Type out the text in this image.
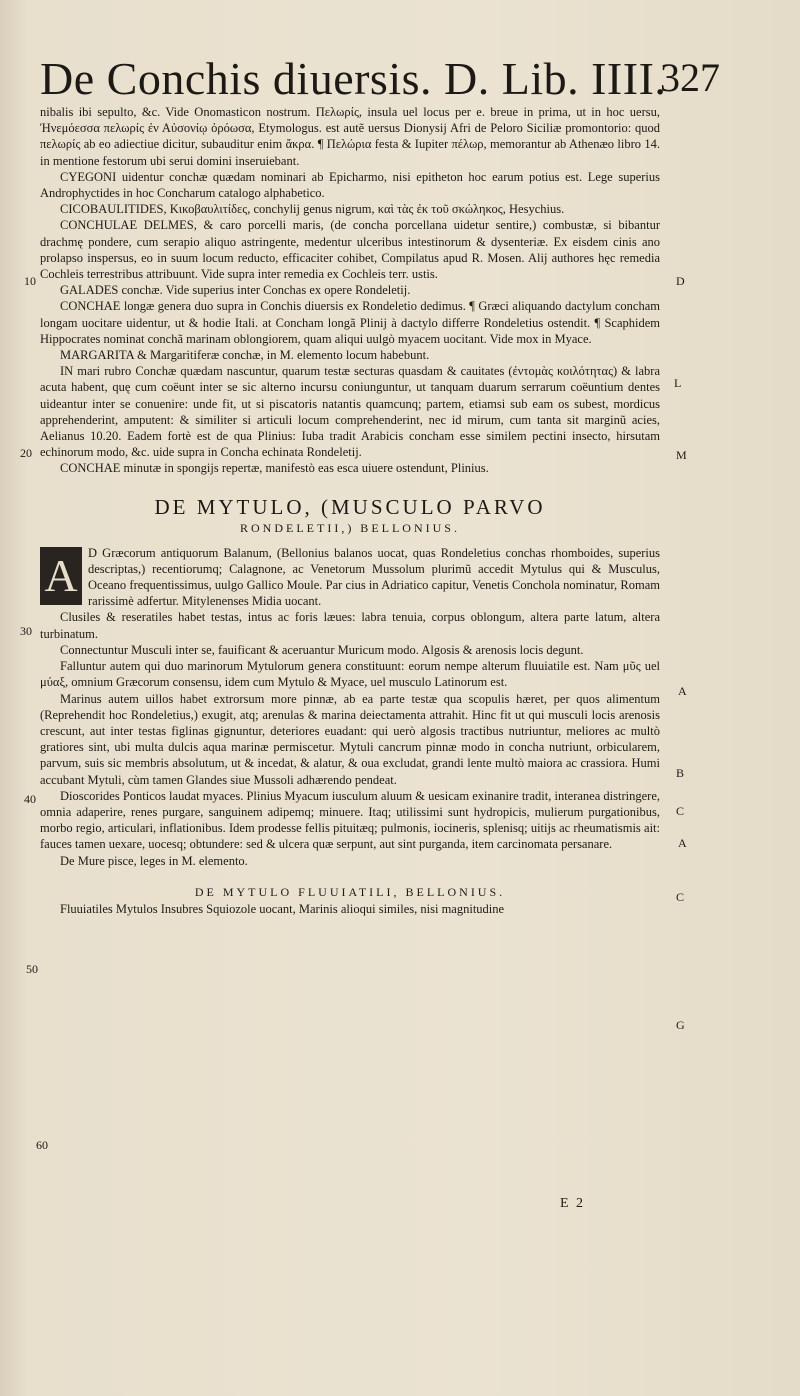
De Conchis diuersis. D. Lib. IIII.
327

nibalis ibi sepulto, &c. Vide Onomasticon nostrum. Πελωρίς, insula uel locus per e. breue in prima, ut in hoc uersu, Ἠνεμόεσσα πελωρίς ἐν Αὐσονίῳ ὀρόωσα, Etymologus. est autẽ uersus Dionysij Afri de Peloro Siciliæ promontorio: quod πελωρίς ab eo adiectiue dicitur, subauditur enim ἄκρα. ¶ Πελώρια festa & Iupiter πέλωρ, memorantur ab Athenæo libro 14. in mentione festorum ubi serui domini inseruiebant.

CYEGONI uidentur conchæ quædam nominari ab Epicharmo, nisi epitheton hoc earum potius est. Lege superius Androphyctides in hoc Concharum catalogo alphabetico.

CICOBAULITIDES, Κικοβαυλιτίδες, conchylij genus nigrum, καὶ τὰς ἐκ τοῦ σκώληκος, Hesychius.

CONCHULAE DELMES, & caro porcelli maris, (de concha porcellana uidetur sentire,) combustæ, si bibantur drachmę pondere, cum serapio aliquo astringente, medentur ulceribus intestinorum & dysenteriæ. Ex eisdem cinis ano prolapso inspersus, eo in suum locum reducto, efficaciter cohibet, Compilatus apud R. Mosen. Alij authores hęc remedia Cochleis terrestribus attribuunt. Vide supra inter remedia ex Cochleis terr. ustis.

GALADES conchæ. Vide superius inter Conchas ex opere Rondeletij.

CONCHAE longæ genera duo supra in Conchis diuersis ex Rondeletio dedimus. ¶ Græci aliquando dactylum concham longam uocitare uidentur, ut & hodie Itali. at Concham longã Plinij à dactylo differre Rondeletius ostendit. ¶ Scaphidem Hippocrates nominat conchã marinam oblongiorem, quam aliqui uulgò myacem uocitant. Vide mox in Myace.

MARGARITA & Margaritiferæ conchæ, in M. elemento locum habebunt.

IN mari rubro Conchæ quædam nascuntur, quarum testæ secturas quasdam & cauitates (ἐντομὰς κοιλότητας) & labra acuta habent, quę cum coëunt inter se sic alterno incursu coniunguntur, ut tanquam duarum serrarum coëuntium dentes uideantur inter se conuenire: unde fit, ut si piscatoris natantis quamcunq; partem, etiamsi sub eam os subest, mordicus apprehenderint, amputent: & similiter si articuli locum comprehenderint, nec id mirum, cum tanta sit marginũ acies, Aelianus 10.20. Eadem fortè est de qua Plinius: Iuba tradit Arabicis concham esse similem pectini insecto, hirsutam echinorum modo, &c. uide supra in Concha echinata Rondeletij.

CONCHAE minutæ in spongijs repertæ, manifestò eas esca uiuere ostendunt, Plinius.

DE MYTULO, (MUSCULO PARVO
RONDELETII,) BELLONIUS.
A D Græcorum antiquorum Balanum, (Bellonius balanos uocat, quas Rondeletius conchas rhomboides, superius descriptas,) recentiorumq; Calagnone, ac Venetorum Mussolum plurimũ accedit Mytulus qui & Musculus, Oceano frequentissimus, uulgo Gallico Moule. Par cius in Adriatico capitur, Venetis Conchola nominatur, Romam rarissimè adfertur. Mitylenenses Midia uocant.

Clusiles & reseratiles habet testas, intus ac foris læues: labra tenuia, corpus oblongum, altera parte latum, altera turbinatum.

Connectuntur Musculi inter se, fauificant & aceruantur Muricum modo. Algosis & arenosis locis degunt.

Falluntur autem qui duo marinorum Mytulorum genera constituunt: eorum nempe alterum fluuiatile est. Nam μῦς uel μύαξ, omnium Græcorum consensu, idem cum Mytulo & Myace, uel musculo Latinorum est.

Marinus autem uillos habet extrorsum more pinnæ, ab ea parte testæ qua scopulis hæret, per quos alimentum (Reprehendit hoc Rondeletius,) exugit, atq; arenulas & marina deiectamenta attrahit. Hinc fit ut qui musculi locis arenosis crescunt, aut inter testas figlinas gignuntur, deteriores euadant: qui uerò algosis tractibus nutriuntur, meliores ac multò gratiores sint, ubi multa dulcis aqua marinæ permiscetur. Mytuli cancrum pinnæ modo in concha nutriunt, orbicularem, parvum, suis sic membris absolutum, ut & incedat, & alatur, & oua excludat, grandi lente multò maiora ac crassiora. Humi accubant Mytuli, cùm tamen Glandes siue Mussoli adhærendo pendeat.

Dioscorides Ponticos laudat myaces. Plinius Myacum iusculum aluum & uesicam exinanire tradit, interanea distringere, omnia adaperire, renes purgare, sanguinem adipemq; minuere. Itaq; utilissimi sunt hydropicis, mulierum purgationibus, morbo regio, articulari, inflationibus. Idem prodesse fellis pituitæq; pulmonis, iocineris, splenisq; uitijs ac rheumatismis ait: fauces tamen uexare, uocesq; obtundere: sed & ulcera quæ serpunt, aut sint purganda, item carcinomata persanare.

De Mure pisce, leges in M. elemento.

DE MYTULO FLUUIATILI, BELLONIUS.

Fluuiatiles Mytulos Insubres Squiozole uocant, Marinis alioqui similes, nisi magnitudine

10
20
30
40
50
60
D
L
M
A
B
C
A
C
G
E 2
